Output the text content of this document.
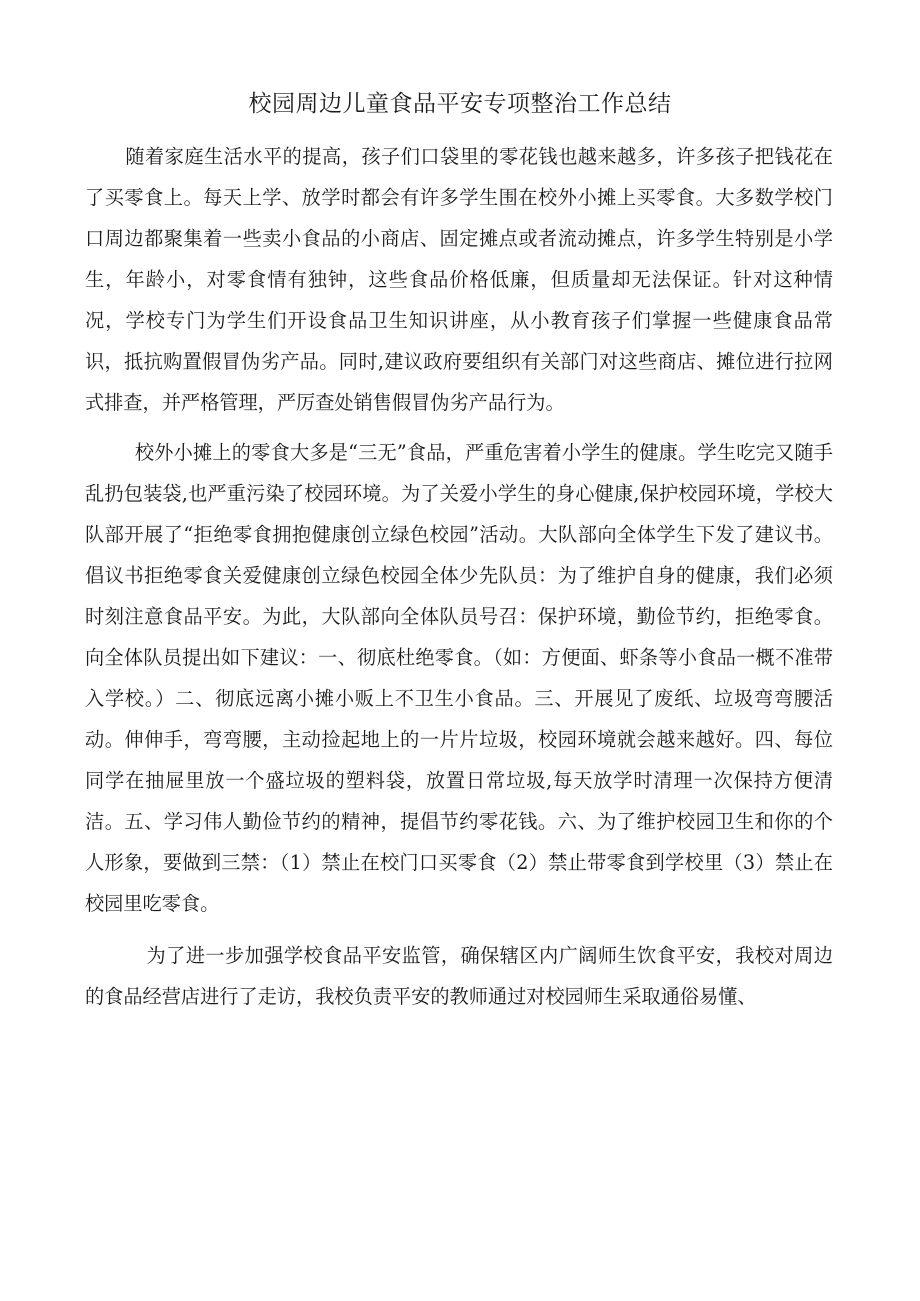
校园周边儿童食品平安专项整治工作总结

随着家庭生活水平的提高，孩子们口袋里的零花钱也越来越多，许多孩子把钱花在了买零食上。每天上学、放学时都会有许多学生围在校外小摊上买零食。大多数学校门口周边都聚集着一些卖小食品的小商店、固定摊点或者流动摊点，许多学生特别是小学生，年龄小，对零食情有独钟，这些食品价格低廉，但质量却无法保证。针对这种情况，学校专门为学生们开设食品卫生知识讲座，从小教育孩子们掌握一些健康食品常识，抵抗购置假冒伪劣产品。同时,建议政府要组织有关部门对这些商店、摊位进行拉网式排查，并严格管理，严厉查处销售假冒伪劣产品行为。

校外小摊上的零食大多是“三无”食品，严重危害着小学生的健康。学生吃完又随手乱扔包装袋,也严重污染了校园环境。为了关爱小学生的身心健康,保护校园环境，学校大队部开展了“拒绝零食拥抱健康创立绿色校园”活动。大队部向全体学生下发了建议书。倡议书拒绝零食关爱健康创立绿色校园全体少先队员：为了维护自身的健康，我们必须时刻注意食品平安。为此，大队部向全体队员号召：保护环境，勤俭节约，拒绝零食。向全体队员提出如下建议：一、彻底杜绝零食。（如：方便面、虾条等小食品一概不准带入学校。）二、彻底远离小摊小贩上不卫生小食品。三、开展见了废纸、垃圾弯弯腰活动。伸伸手，弯弯腰，主动捡起地上的一片片垃圾，校园环境就会越来越好。四、每位同学在抽屉里放一个盛垃圾的塑料袋，放置日常垃圾,每天放学时清理一次保持方便清洁。五、学习伟人勤俭节约的精神，提倡节约零花钱。六、为了维护校园卫生和你的个人形象，要做到三禁：（1）禁止在校门口买零食（2）禁止带零食到学校里（3）禁止在校园里吃零食。

为了进一步加强学校食品平安监管，确保辖区内广阔师生饮食平安，我校对周边的食品经营店进行了走访，我校负责平安的教师通过对校园师生采取通俗易懂、
